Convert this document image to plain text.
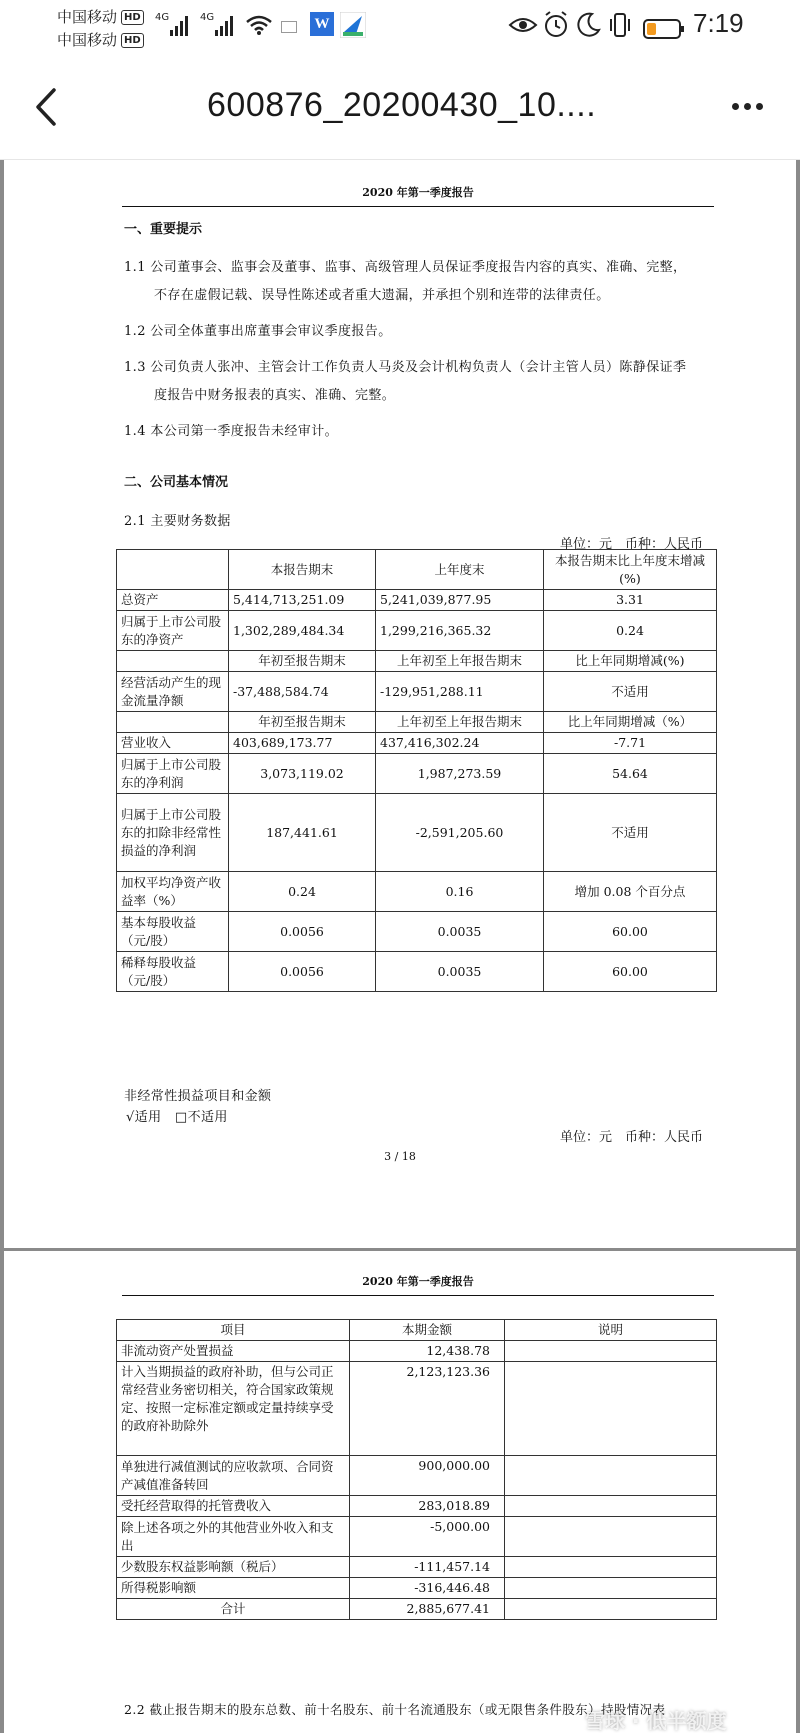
中国移动 HD
中国移动 HD
4G	4G	W	7:19
600876_20200430_10....
2020 年第一季度报告
一、重要提示
1.1 公司董事会、监事会及董事、监事、高级管理人员保证季度报告内容的真实、准确、完整，
不存在虚假记载、误导性陈述或者重大遗漏，并承担个别和连带的法律责任。
1.2 公司全体董事出席董事会审议季度报告。
1.3 公司负责人张冲、主管会计工作负责人马炎及会计机构负责人（会计主管人员）陈静保证季
度报告中财务报表的真实、准确、完整。
1.4 本公司第一季度报告未经审计。
二、公司基本情况
2.1 主要财务数据
单位：元　币种：人民币
	本报告期末	上年度末	本报告期末比上年度末增减(%)
总资产	5,414,713,251.09	5,241,039,877.95	3.31
归属于上市公司股东的净资产	1,302,289,484.34	1,299,216,365.32	0.24
	年初至报告期末	上年初至上年报告期末	比上年同期增减(%)
经营活动产生的现金流量净额	-37,488,584.74	-129,951,288.11	不适用
	年初至报告期末	上年初至上年报告期末	比上年同期增减（%）
营业收入	403,689,173.77	437,416,302.24	-7.71
归属于上市公司股东的净利润	3,073,119.02	1,987,273.59	54.64
归属于上市公司股东的扣除非经常性损益的净利润	187,441.61	-2,591,205.60	不适用
加权平均净资产收益率（%）	0.24	0.16	增加 0.08 个百分点
基本每股收益（元/股）	0.0056	0.0035	60.00
稀释每股收益（元/股）	0.0056	0.0035	60.00
非经常性损益项目和金额
√适用　□不适用
单位：元　币种：人民币
3 / 18
2020 年第一季度报告
项目	本期金额	说明
非流动资产处置损益	12,438.78	
计入当期损益的政府补助，但与公司正常经营业务密切相关，符合国家政策规定、按照一定标准定额或定量持续享受的政府补助除外	2,123,123.36	
单独进行减值测试的应收款项、合同资产减值准备转回	900,000.00	
受托经营取得的托管费收入	283,018.89	
除上述各项之外的其他营业外收入和支出	-5,000.00	
少数股东权益影响额（税后）	-111,457.14	
所得税影响额	-316,446.48	
合计	2,885,677.41	
2.2 截止报告期末的股东总数、前十名股东、前十名流通股东（或无限售条件股东）持股情况表
雪球 · 低半额度
